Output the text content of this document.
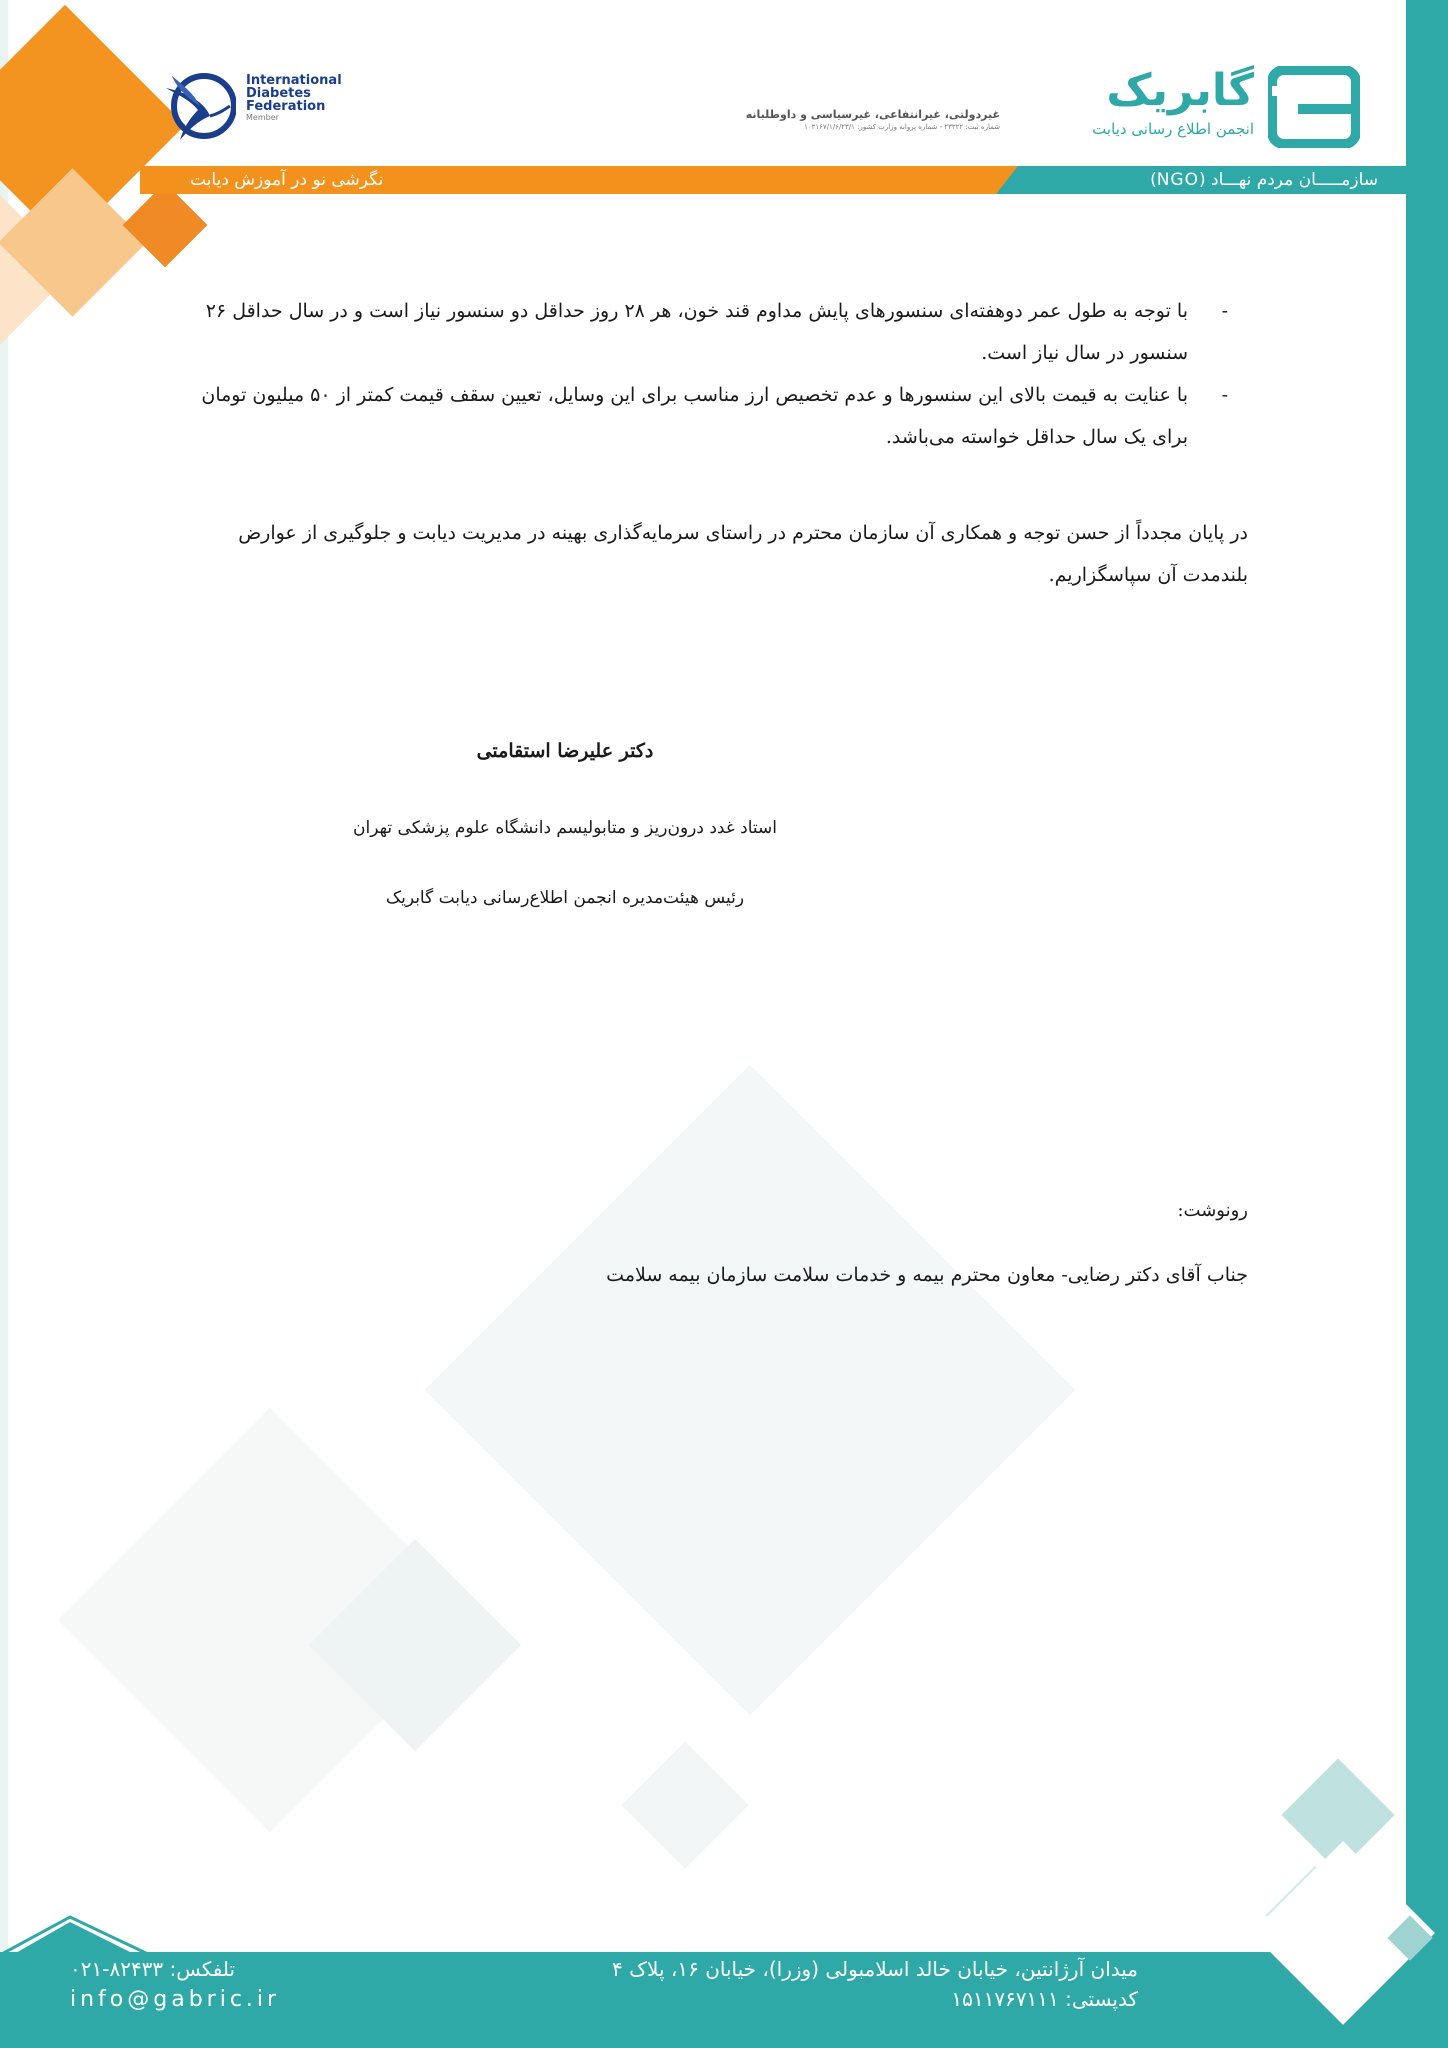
نگرشی نو در آموزش دیابت	سازمـــــان مردم نهـــاد (NGO)
International
Diabetes
Federation
Member	غیردولتی، غیرانتفاعی، غیرسیاسی و داوطلبانه
شماره ثبت: ۲۳۳۲۲ - شماره پروانه وزارت کشور: ۱۰۳۱۶۷/۱/۶/۲۳/۱
گابریک
انجمن اطلاع رسانی دیابت
-
با توجه به طول عمر دوهفته‌ای سنسورهای پایش مداوم قند خون، هر ۲۸ روز حداقل دو سنسور نیاز است و در سال حداقل ۲۶ سنسور در سال نیاز است.
-
با عنایت به قیمت بالای این سنسورها و عدم تخصیص ارز مناسب برای این وسایل، تعیین سقف قیمت کمتر از ۵۰ میلیون تومان برای یک سال حداقل خواسته می‌باشد.
در پایان مجدداً از حسن توجه و همکاری آن سازمان محترم در راستای سرمایه‌گذاری بهینه در مدیریت دیابت و جلوگیری از عوارض بلندمدت آن سپاسگزاریم.
دکتر علیرضا استقامتی
استاد غدد درون‌ریز و متابولیسم دانشگاه علوم پزشکی تهران
رئیس هیئت‌مدیره انجمن اطلاع‌رسانی دیابت گابریک
رونوشت:
جناب آقای دکتر رضایی- معاون محترم بیمه و خدمات سلامت سازمان بیمه سلامت
میدان آرژانتین، خیابان خالد اسلامبولی (وزرا)، خیابان ۱۶، پلاک ۴
کدپستی: ۱۵۱۱۷۶۷۱۱۱
تلفکس: ۸۲۴۳۳-۰۲۱
info@gabric.ir
